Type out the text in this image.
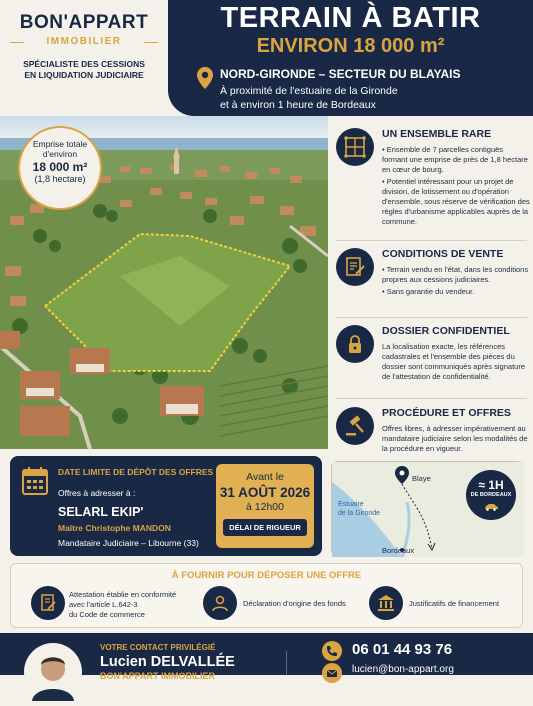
BON'APPART
IMMOBILIER
SPÉCIALISTE DES CESSIONS
EN LIQUIDATION JUDICIAIRE
TERRAIN À BATIR
ENVIRON 18 000 m²
NORD-GIRONDE – SECTEUR DU BLAYAIS
À proximité de l'estuaire de la Gironde
et à environ 1 heure de Bordeaux
Emprise totale
d'environ
18 000 m²
(1,8 hectare)
UN ENSEMBLE RARE

• Ensemble de 7 parcelles contiguës formant une emprise de près de 1,8 hectare en cœur de bourg.

• Potentiel intéressant pour un projet de division, de lotissement ou d'opération d'ensemble, sous réserve de vérification des règles d'urbanisme applicables auprès de la commune.

CONDITIONS DE VENTE

• Terrain vendu en l'état, dans les conditions propres aux cessions judiciaires.

• Sans garantie du vendeur.

DOSSIER CONFIDENTIEL
La localisation exacte, les références cadastrales et l'ensemble des pièces du dossier sont communiqués après signature de l'attestation de confidentialité.
PROCÉDURE ET OFFRES
Offres libres, à adresser impérativement au mandataire judiciaire selon les modalités de la procédure en vigueur.
DATE LIMITE DE DÉPÔT DES OFFRES
Offres à adresser à :
SELARL EKIP'
Maître Christophe MANDON
Mandataire Judiciaire – Libourne (33)
Avant le
31 AOÛT 2026
à 12h00
DÉLAI DE RIGUEUR
Blaye
Estuaire
de la Gironde
Bordeaux
≈ 1H
DE BORDEAUX
À FOURNIR POUR DÉPOSER UNE OFFRE
Attestation établie en conformité
avec l'article L.642-3
du Code de commerce
Déclaration d'origine des fonds	Justificatifs de financement
VOTRE CONTACT PRIVILÉGIÉ
Lucien DELVALLÉE
BON'APPART IMMOBILIER
06 01 44 93 76
lucien@bon-appart.org
